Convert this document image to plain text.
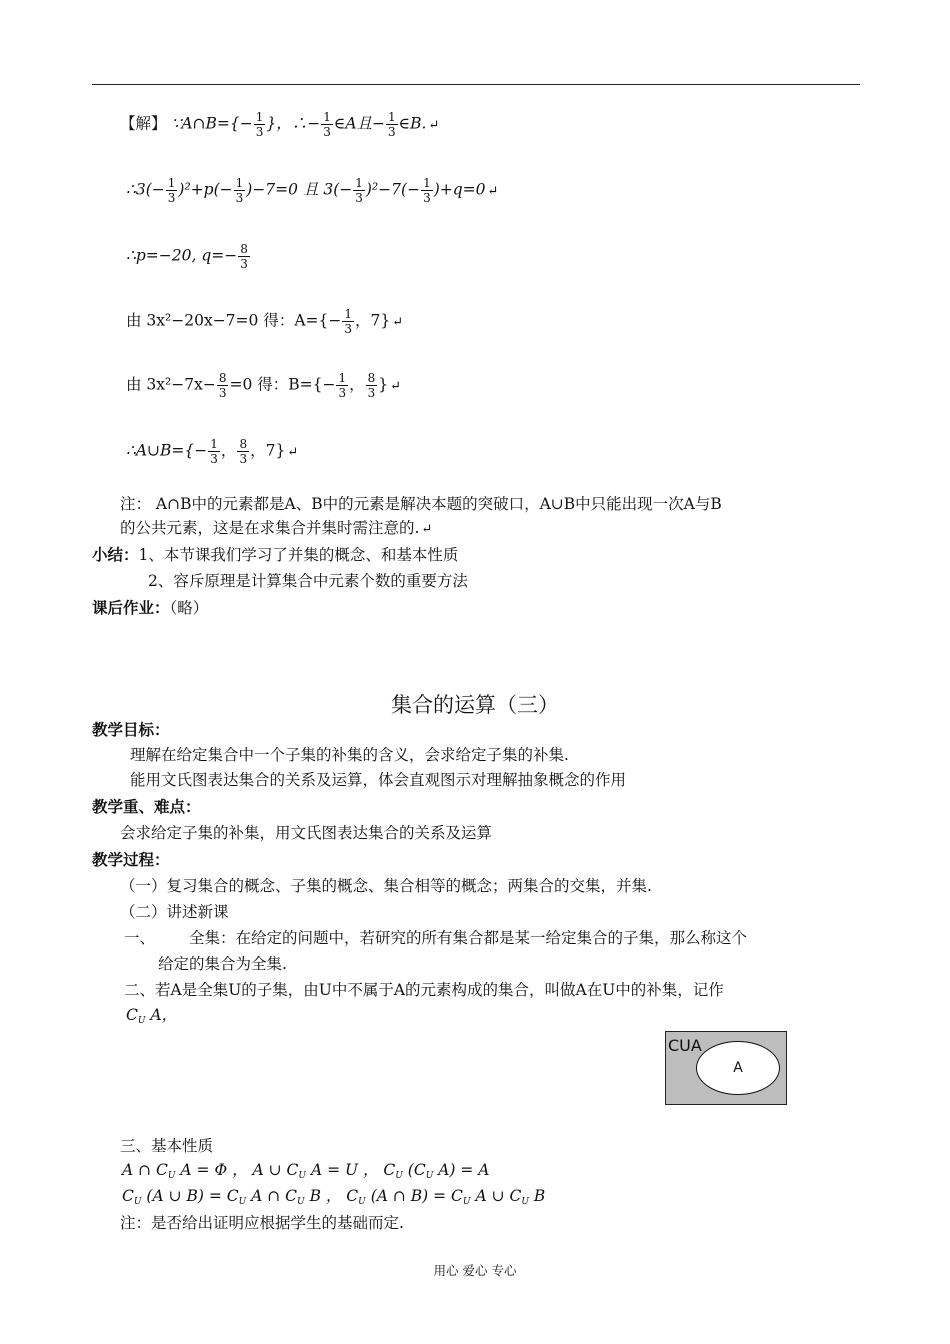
【解】 ∵A∩B={− $\frac{1}{3}$ }，∴− $\frac{1}{3}$ ∈A且− $\frac{1}{3}$ ∈B. ↵
∴3(− $\frac{1}{3} )^2+p(- \frac{1}{3} )-7=0$ 且 $3(- \frac{1}{3} )^2-7(- \frac{1}{3} )+q=0$ ↵
∴p=−20, $q=- \frac{8}{3}$
由 3x²−20x−7=0 得：$A=\{- \frac{1}{3}$ ，7} ↵
由 $3x^2-7x- \frac{8}{3} =0$ 得：$B=\{- \frac{1}{3}$ ， $\frac{8}{3}$ } ↵
∴A∪B={− $\frac{1}{3}$ ， $\frac{8}{3}$ ，7} ↵
注： A∩B中的元素都是A、B中的元素是解决本题的突破口，A∪B中只能出现一次A与B
的公共元素，这是在求集合并集时需注意的. ↵
小结：1、本节课我们学习了并集的概念、和基本性质
2、容斥原理是计算集合中元素个数的重要方法
课后作业：（略）
集合的运算（三）
教学目标：
理解在给定集合中一个子集的补集的含义，会求给定子集的补集.
能用文氏图表达集合的关系及运算，体会直观图示对理解抽象概念的作用
教学重、难点：
会求给定子集的补集，用文氏图表达集合的关系及运算
教学过程：
（一）复习集合的概念、子集的概念、集合相等的概念；两集合的交集，并集.
（二）讲述新课
一、 全集：在给定的问题中，若研究的所有集合都是某一给定集合的子集，那么称这个
给定的集合为全集.
二、若A是全集U的子集，由U中不属于A的元素构成的集合，叫做A在U中的补集，记作
$C_U$ A，
CUA
A
三、基本性质
A ∩ $C_U$ A = Φ ， A ∪ $C_U$ A = U ， $C_U$ ($C_U$ A) = A
$C_U$ (A ∪ $B) = C_U$ A ∩ $C_U$ B ， $C_U$ (A ∩ $B) = C_U$ A ∪ $C_U$ B
注：是否给出证明应根据学生的基础而定.
用心 爱心 专心
